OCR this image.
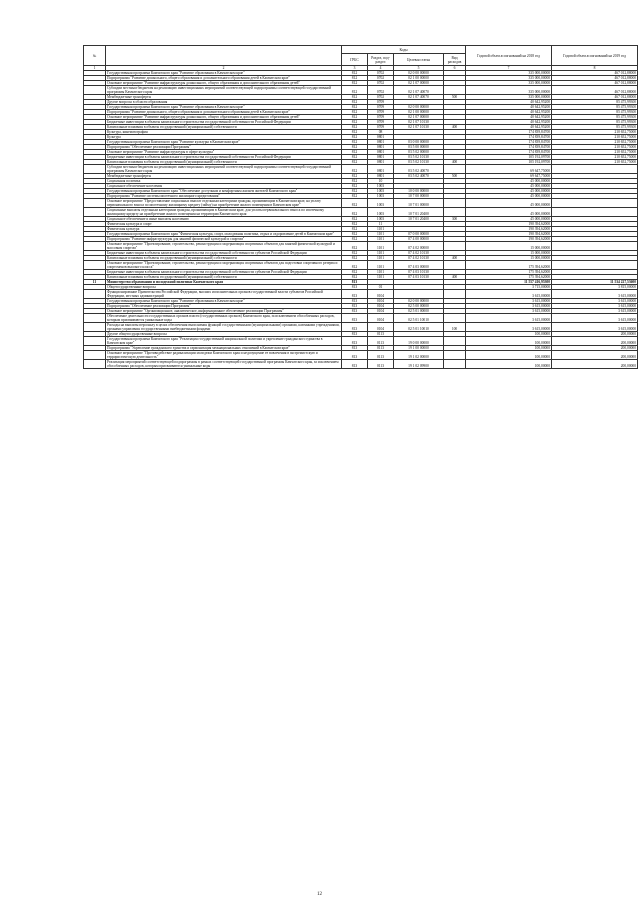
№		Коды				Годовой объем ассигнований на 2018 год	Годовой объем ассигнований на 2019 год
		ГРБС	Раздел, под-раздел	Целевая статья	Вид расходов		
1	2	3	4	5	6	7	8
	Государственная программа Камчатского края "Развитие образования в Камчатском крае"	812	0702	02 0 00 00000		335 000,00000	467 012,88000
	Подпрограмма "Развитие дошкольного, общего образования и дополнительного образования детей в Камчатском крае"	812	0702	02 1 00 00000		335 000,00000	467 012,88000
	Основное мероприятие "Развитие инфраструктуры дошкольного, общего образования и дополнительного образования детей"	812	0702	02 1 07 00000		335 000,00000	467 012,88000
	Субсидии местным бюджетам на реализацию инвестиционных мероприятий соответствующей подпрограммы соответствующей государственной программы Камчатского края	812	0702	02 1 07 40070		335 000,00000	467 012,88000
	Межбюджетные трансферты	812	0702	02 1 07 40070	500	335 000,00000	467 012,88000
	Другие вопросы в области образования	812	0709			40 642,95200	85 475,99300
	Государственная программа Камчатского края "Развитие образования в Камчатском крае"	812	0709	02 0 00 00000		40 642,95200	85 475,99300
	Подпрограмма "Развитие дошкольного, общего образования и дополнительного образования детей в Камчатском крае"	812	0709	02 1 00 00000		40 642,95200	85 475,99300
	Основное мероприятие "Развитие инфраструктуры дошкольного, общего образования и дополнительного образования детей"	812	0709	02 1 07 00000		40 642,95200	85 475,99300
	Бюджетные инвестиции в объекты капитального строительства государственной собственности Российской Федерации	812	0709	02 1 07 10130		40 642,95200	85 475,99300
	Капитальные вложения в объекты государственной (муниципальной) собственности	812	0709	02 1 07 10130	400	40 642,95200	85 475,99300
	Культура, кинематография	812	08			174 839,84700	210 652,75000
	Культура	812	0801			174 839,84700	210 652,75000
	Государственная программа Камчатского края "Развитие культуры в Камчатском крае"	812	0801	03 0 00 00000		174 839,84700	210 652,75000
	Подпрограмма "Обеспечение реализации Программы"	812	0801	03 5 00 00000		174 839,84700	210 652,75000
	Основное мероприятие "Развитие инфраструктуры в сфере культуры"	812	0801	03 5 02 00000		174 839,84700	210 652,75000
	Бюджетные инвестиции в объекты капитального строительства государственной собственности Российской Федерации	812	0801	03 5 02 10130		105 192,09700	210 652,75000
	Капитальные вложения в объекты государственной (муниципальной) собственности	812	0801	03 5 02 10130	400	105 192,09700	210 652,75000
	Субсидии местным бюджетам на реализацию инвестиционных мероприятий соответствующей подпрограммы соответствующей государственной программы Камчатского края	812	0801	03 5 02 40070		69 647,75000	
	Межбюджетные трансферты	812	0801	03 5 02 40070	500	69 647,75000	
	Социальная политика	812	10			45 000,00000	
	Социальное обеспечение населения	812	1003			45 000,00000	
	Государственная программа Камчатского края "Обеспечение доступным и комфортным жильем жителей Камчатского края"	812	1003	10 0 00 00000		45 000,00000	
	Подпрограмма "Развитие системы ипотечного жилищного кредитования"	812	1003	10 7 00 00000		45 000,00000	
	Основное мероприятие "Предоставление социальных выплат отдельным категориям граждан, проживающим в Камчатском крае, на уплату первоначального взноса по ипотечному жилищному кредиту (займу) на приобретение жилого помещения в Камчатском крае"	812	1003	10 7 01 00000		45 000,00000	
	Социальные выплаты отдельным категориям граждан, проживающим в Камчатском крае, для уплаты первоначального взноса по ипотечному жилищному кредиту на приобретение жилого помещения на территории Камчатского края	812	1003	10 7 01 20400		45 000,00000	
	Социальное обеспечение и иные выплаты населению	812	1003	10 7 01 20400	300	45 000,00000	
	Физическая культура и спорт	812	11			190 394,62000	
	Физическая культура	812	1101			190 394,62000	
	Государственная программа Камчатского края "Физическая культура, спорт, молодежная политика, отдых и оздоровление детей в Камчатском крае"	812	1101	07 0 00 00000		190 394,62000	
	Подпрограмма "Развитие инфраструктуры для занятий физической культурой и спортом"	812	1101	07 4 00 00000		190 394,62000	
	Основное мероприятие "Проектирование, строительство, реконструкция и модернизация спортивных объектов для занятий физической культурой и массовым спортом"	812	1101	07 4 02 00000		15 000,00000	
	Бюджетные инвестиции в объекты капитального строительства государственной собственности субъектов Российской Федерации	812	1101	07 4 02 10130		15 000,00000	
	Капитальные вложения в объекты государственной (муниципальной) собственности	812	1101	07 4 02 10130	400	15 000,00000	
	Основное мероприятие "Проектирование, строительство, реконструкция и модернизация спортивных объектов для подготовки спортивного резерва и спортсменов высокого класса"	812	1101	07 4 03 00000		175 394,62000	
	Бюджетные инвестиции в объекты капитального строительства государственной собственности субъектов Российской Федерации	812	1101	07 4 03 10130		175 394,62000	
	Капитальные вложения в объекты государственной (муниципальной) собственности	812	1101	07 4 03 10130	400	175 394,62000	
11	Министерство образования и молодежной политики Камчатского края	813				11 557 416,95300	11 534 227,53600
	Общегосударственные вопросы	813	01			3 715,00000	3 815,00000
	Функционирование Правительства Российской Федерации, высших исполнительных органов государственной власти субъектов Российской Федерации, местных администраций	813	0104			3 615,00000	3 615,00000
	Государственная программа Камчатского края "Развитие образования в Камчатском крае"	813	0104	02 0 00 00000		3 615,00000	3 615,00000
	Подпрограмма "Обеспечение реализации Программы"	813	0104	02 5 00 00000		3 615,00000	3 615,00000
	Основное мероприятие "Организационное, аналитическое, информационное обеспечение реализации Программы"	813	0104	02 5 01 00000		3 615,00000	3 615,00000
	Обеспечение деятельности государственных органов власти (государственных органов) Камчатского края, за исключением обособленных расходов, которым присваиваются уникальные коды	813	0104	02 5 01 10010		3 615,00000	3 615,00000
	Расходы на выплаты персоналу в целях обеспечения выполнения функций государственными (муниципальными) органами, казенными учреждениями, органами управления государственными внебюджетными фондами	813	0104	02 5 01 10010	100	3 615,00000	3 615,00000
	Другие общегосударственные вопросы	813	0113			100,00000	200,00000
	Государственная программа Камчатского края "Реализация государственной национальной политики и укрепление гражданского единства в Камчатском крае"	813	0113	19 0 00 00000		100,00000	200,00000
	Подпрограмма "Укрепление гражданского единства и гармонизация межнациональных отношений в Камчатском крае"	813	0113	19 1 00 00000		100,00000	200,00000
	Основное мероприятие "Противодействие радикализации молодежи Камчатского края и недопущение ее вовлечения в экстремистскую и террористическую деятельность"	813	0113	19 1 02 00000		100,00000	200,00000
	Реализация мероприятий соответствующей подпрограммы в рамках соответствующей государственной программы Камчатского края, за исключением обособленных расходов, которым присваиваются уникальные коды	813	0113	19 1 02 09900		100,00000	200,00000
12
